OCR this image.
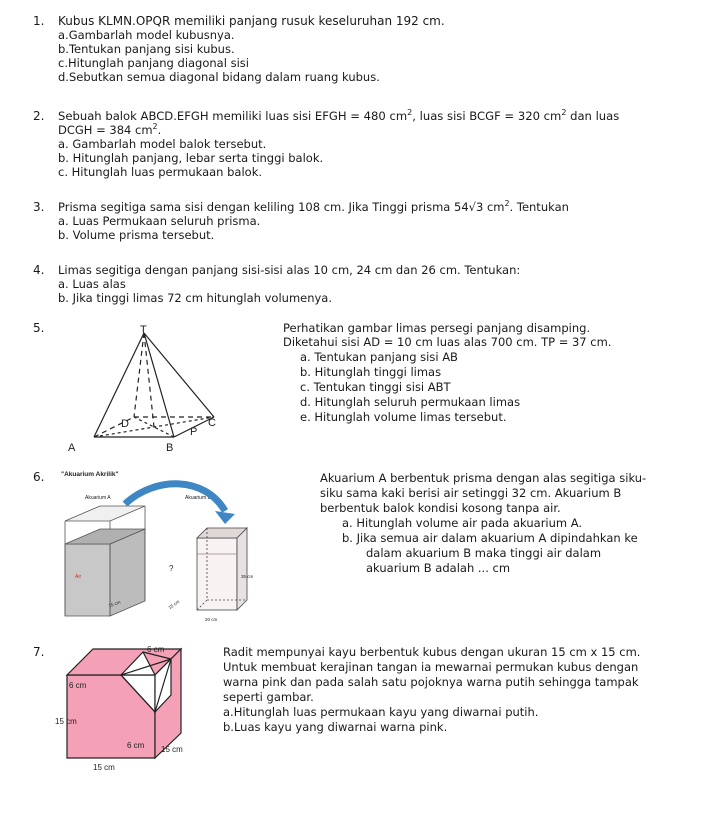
1. Kubus KLMN.OPQR memiliki panjang rusuk keseluruhan 192 cm.
a.Gambarlah model kubusnya.
b.Tentukan panjang sisi kubus.
c.Hitunglah panjang diagonal sisi
d.Sebutkan semua diagonal bidang dalam ruang kubus.
2. Sebuah balok ABCD.EFGH memiliki luas sisi EFGH = 480 $cm^2$, luas sisi BCGF = 320 $cm^2$ dan luas
DCGH = 384 $cm^2$.
a. Gambarlah model balok tersebut.
b. Hitunglah panjang, lebar serta tinggi balok.
c. Hitunglah luas permukaan balok.
3. Prisma segitiga sama sisi dengan keliling 108 cm. Jika Tinggi prisma 54√3 $cm^2$. Tentukan
a. Luas Permukaan seluruh prisma.
b. Volume prisma tersebut.
4. Limas segitiga dengan panjang sisi-sisi alas 10 cm, 24 cm dan 26 cm. Tentukan:
a. Luas alas
b. Jika tinggi limas 72 cm hitunglah volumenya.
5.	T
D	C
P
A	B
Perhatikan gambar limas persegi panjang disamping.
Diketahui sisi AD = 10 cm luas alas 700 cm. TP = 37 cm.
a. Tentukan panjang sisi AB
b. Hitunglah tinggi limas
c. Tentukan tinggi sisi ABT
d. Hitunglah seluruh permukaan limas
e. Hitunglah volume limas tersebut.
6.	"Akuarium Akrilik"
Akuarium A	Akuarium B
Air
15 cm
?
35 cm
15 cm
20 cm
Akuarium A berbentuk prisma dengan alas segitiga siku-
siku sama kaki berisi air setinggi 32 cm. Akuarium B
berbentuk balok kondisi kosong tanpa air.
a. Hitunglah volume air pada akuarium A.
b. Jika semua air dalam akuarium A dipindahkan ke
dalam akuarium B maka tinggi air dalam
akuarium B adalah ... cm
7.	6 cm
6 cm
15 cm
6 cm 15 cm
15 cm
Radit mempunyai kayu berbentuk kubus dengan ukuran 15 cm x 15 cm.
Untuk membuat kerajinan tangan ia mewarnai permukan kubus dengan
warna pink dan pada salah satu pojoknya warna putih sehingga tampak
seperti gambar.
a.Hitunglah luas permukaan kayu yang diwarnai putih.
b.Luas kayu yang diwarnai warna pink.
